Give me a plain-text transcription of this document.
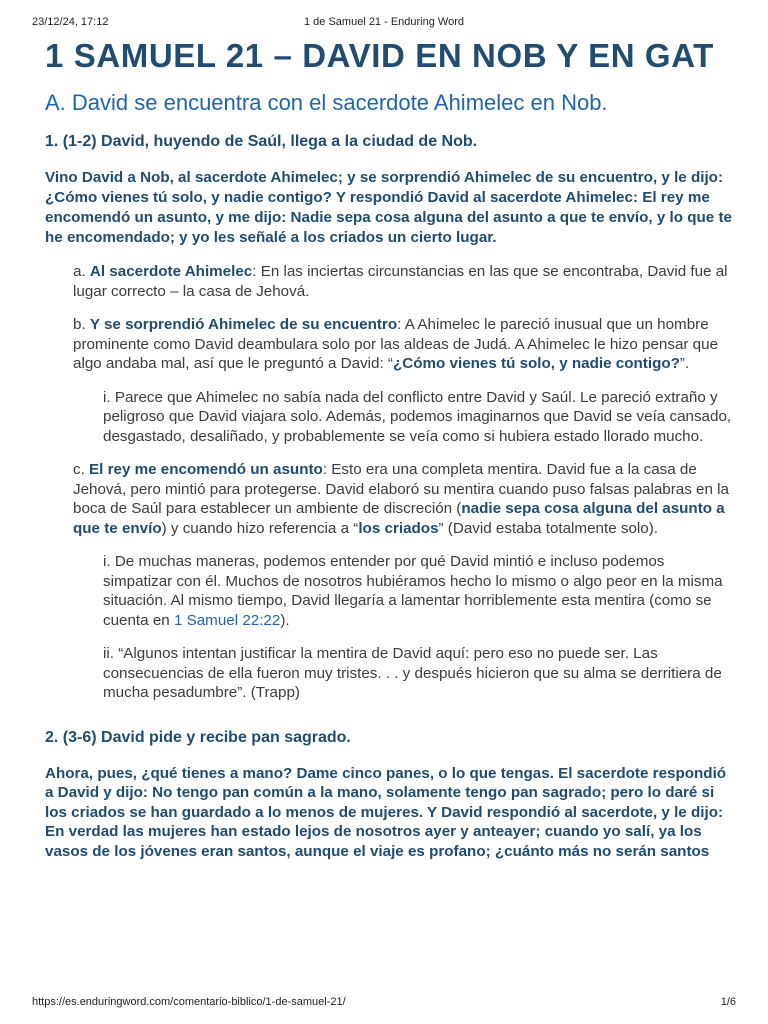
23/12/24, 17:12	1 de Samuel 21 - Enduring Word
1 SAMUEL 21 – DAVID EN NOB Y EN GAT
A. David se encuentra con el sacerdote Ahimelec en Nob.
1. (1-2) David, huyendo de Saúl, llega a la ciudad de Nob.

Vino David a Nob, al sacerdote Ahimelec; y se sorprendió Ahimelec de su encuentro, y le dijo: ¿Cómo vienes tú solo, y nadie contigo? Y respondió David al sacerdote Ahimelec: El rey me encomendó un asunto, y me dijo: Nadie sepa cosa alguna del asunto a que te envío, y lo que te he encomendado; y yo les señalé a los criados un cierto lugar.

a. Al sacerdote Ahimelec: En las inciertas circunstancias en las que se encontraba, David fue al lugar correcto – la casa de Jehová.

b. Y se sorprendió Ahimelec de su encuentro: A Ahimelec le pareció inusual que un hombre prominente como David deambulara solo por las aldeas de Judá. A Ahimelec le hizo pensar que algo andaba mal, así que le preguntó a David: “¿Cómo vienes tú solo, y nadie contigo?”.

i. Parece que Ahimelec no sabía nada del conflicto entre David y Saúl. Le pareció extraño y peligroso que David viajara solo. Además, podemos imaginarnos que David se veía cansado, desgastado, desaliñado, y probablemente se veía como si hubiera estado llorado mucho.

c. El rey me encomendó un asunto: Esto era una completa mentira. David fue a la casa de Jehová, pero mintió para protegerse. David elaboró su mentira cuando puso falsas palabras en la boca de Saúl para establecer un ambiente de discreción (nadie sepa cosa alguna del asunto a que te envío) y cuando hizo referencia a “los criados” (David estaba totalmente solo).

i. De muchas maneras, podemos entender por qué David mintió e incluso podemos simpatizar con él. Muchos de nosotros hubiéramos hecho lo mismo o algo peor en la misma situación. Al mismo tiempo, David llegaría a lamentar horriblemente esta mentira (como se cuenta en 1 Samuel 22:22).

ii. “Algunos intentan justificar la mentira de David aquí: pero eso no puede ser. Las consecuencias de ella fueron muy tristes. . . y después hicieron que su alma se derritiera de mucha pesadumbre”. (Trapp)

2. (3-6) David pide y recibe pan sagrado.

Ahora, pues, ¿qué tienes a mano? Dame cinco panes, o lo que tengas. El sacerdote respondió a David y dijo: No tengo pan común a la mano, solamente tengo pan sagrado; pero lo daré si los criados se han guardado a lo menos de mujeres. Y David respondió al sacerdote, y le dijo: En verdad las mujeres han estado lejos de nosotros ayer y anteayer; cuando yo salí, ya los vasos de los jóvenes eran santos, aunque el viaje es profano; ¿cuánto más no serán santos

https://es.enduringword.com/comentario-biblico/1-de-samuel-21/	1/6
